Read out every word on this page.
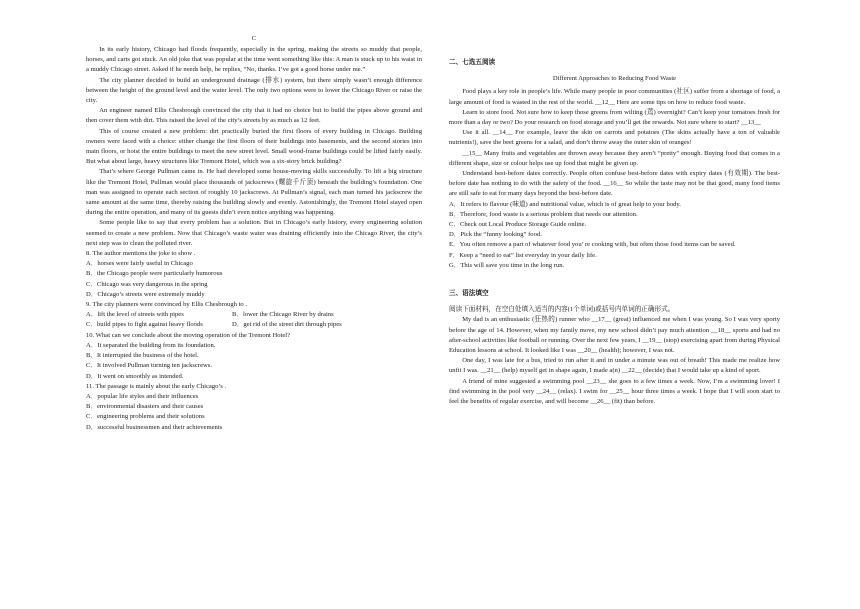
C

In its early history, Chicago had floods frequently, especially in the spring, making the streets so muddy that people, horses, and carts got stuck. An old joke that was popular at the time went something like this: A man is stuck up to his waist in a muddy Chicago street. Asked if he needs help, he replies, “No, thanks. I’ve got a good horse under me.”

The city planner decided to build an underground drainage (排水) system, but there simply wasn’t enough difference between the height of the ground level and the water level. The only two options were to lower the Chicago River or raise the city.

An engineer named Ellis Chesbrough convinced the city that it had no choice but to build the pipes above ground and then cover them with dirt. This raised the level of the city’s streets by as much as 12 feet.

This of course created a new problem: dirt practically buried the first floors of every building in Chicago. Building owners were faced with a choice: either change the first floors of their buildings into basements, and the second stories into main floors, or hoist the entire buildings to meet the new street level. Small wood-frame buildings could be lifted fairly easily. But what about large, heavy structures like Tremont Hotel, which was a six-story brick building?

That’s where George Pullman came in. He had developed some house-moving skills successfully. To lift a big structure like the Tremont Hotel, Pullman would place thousands of jackscrews (螺旋千斤顶) beneath the building’s foundation. One man was assigned to operate each section of roughly 10 jackscrews. At Pullman’s signal, each man turned his jackscrew the same amount at the same time, thereby raising the building slowly and evenly. Astonishingly, the Tremont Hotel stayed open during the entire operation, and many of its guests didn’t even notice anything was happening.

Some people like to say that every problem has a solution. But in Chicago’s early history, every engineering solution seemed to create a new problem. Now that Chicago’s waste water was draining efficiently into the Chicago River, the city’s next step was to clean the polluted river.

8. The author mentions the joke to show .

A．horses were fairly useful in Chicago

B．the Chicago people were particularly humorous

C．Chicago was very dangerous in the spring

D．Chicago’s streets were extremely muddy

9. The city planners were convinced by Ellis Chesbrough to .

A．lift the level of streets with pipes	B．lower the Chicago River by drains
C．build pipes to fight against heavy floods	D．get rid of the street dirt through pipes

10. What can we conclude about the moving operation of the Tremont Hotel?

A．It separated the building from its foundation.

B．It interrupted the business of the hotel.

C．It involved Pullman turning ten jackscrews.

D．It went on smoothly as intended.

11. The passage is mainly about the early Chicago’s .

A．popular life styles and their influences

B．environmental disasters and their causes

C．engineering problems and their solutions

D．successful businessmen and their achievements

二、七选五阅读
Different Approaches to Reducing Food Waste

Food plays a key role in people’s life. While many people in poor communities (社区) suffer from a shortage of food, a large amount of food is wasted in the rest of the world. __12__ Here are some tips on how to reduce food waste.

Learn to store food. Not sure how to keep those greens from wilting (蔫) overnight? Can’t keep your tomatoes fresh for more than a day or two? Do your research on food storage and you’ll get the rewards. Not sure where to start? __13__

Use it all. __14__ For example, leave the skin on carrots and potatoes (The skins actually have a ton of valuable nutrients!), save the beet greens for a salad, and don’t throw away the outer skin of oranges!

__15__ Many fruits and vegetables are thrown away because they aren’t “pretty” enough. Buying food that comes in a different shape, size or colour helps use up food that might be given up.

Understand best-before dates correctly. People often confuse best-before dates with expiry dates (有效期). The best-before date has nothing to do with the safety of the food. __16__ So while the taste may not be that good, many food items are still safe to eat for many days beyond the best-before date.

A．It refers to flavour (味道) and nutritional value, which is of great help to your body.

B．Therefore, food waste is a serious problem that needs our attention.

C．Check out Local Produce Storage Guide online.

D．Pick the “funny looking” food.

E．You often remove a part of whatever food you’ re cooking with, but often those food items can be saved.

F．Keep a “need to eat” list everyday in your daily life.

G．This will save you time in the long run.

三、语法填空

阅读下面材料，在空白处填入适当的内容(1个单词)或括号内单词的正确形式。

My dad is an enthusiastic (狂热的) runner who __17__ (great) influenced me when I was young. So I was very sporty before the age of 14. However, when my family move, my new school didn’t pay much attention __18__ sports and had no after-school activities like football or running. Over the next few years, I __19__ (stop) exercising apart from during Physical Education lessons at school. It looked like I was __20__ (health); however, I was not.

One day, I was late for a bus, tried to run after it and in under a minute was out of breath! This made me realize how unfit I was. __21__ (help) myself get in shape again, I made a(n) __22__ (decide) that I would take up a kind of sport.

A friend of mine suggested a swimming pool __23__ she goes to a few times a week. Now, I’m a swimming lover! I find swimming in the pool very __24__ (relax). I swim for __25__ hour three times a week. I hope that I will soon start to feel the benefits of regular exercise, and will become __26__ (fit) than before.
